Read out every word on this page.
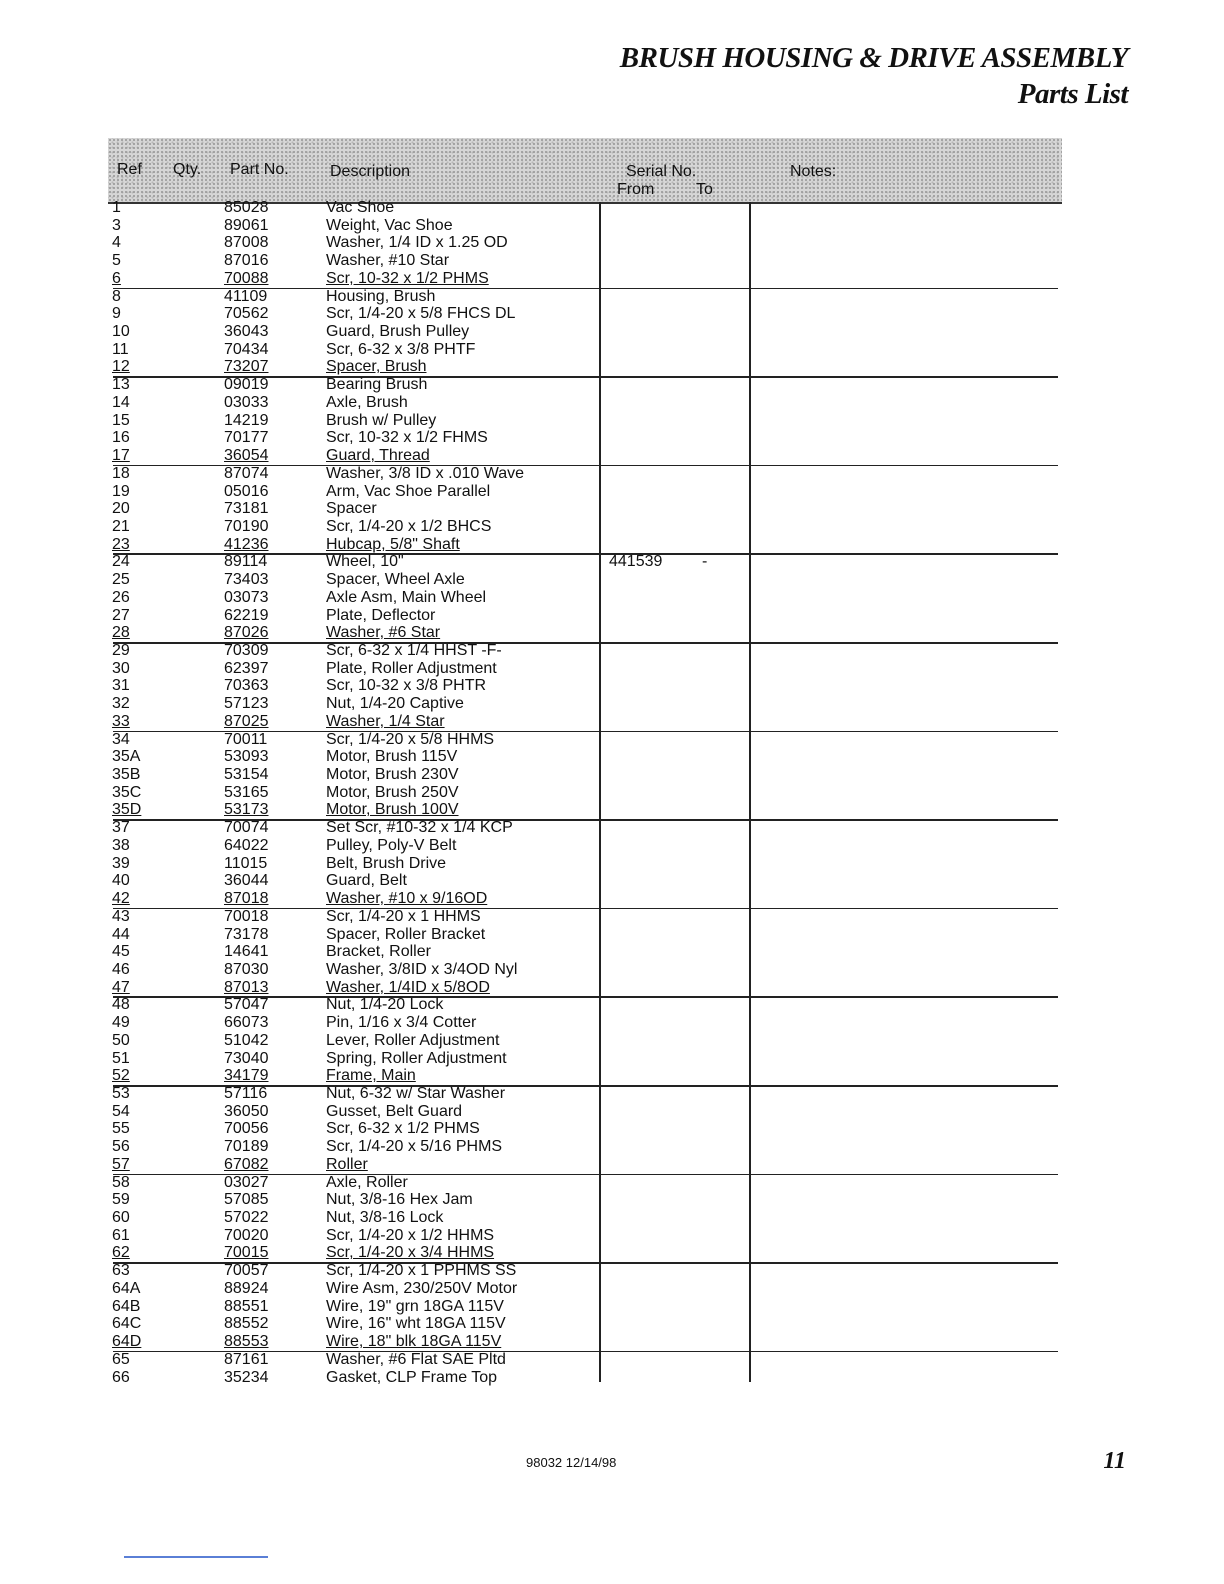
BRUSH HOUSING & DRIVE ASSEMBLY
Parts List
Ref Qty. Part No.	Description	Serial No.
From	To
Notes:
1	85028	Vac Shoe
3	89061	Weight, Vac Shoe
4	87008	Washer, 1/4 ID x 1.25 OD
5	87016	Washer, #10 Star
6	70088	Scr, 10-32 x 1/2 PHMS
8	41109	Housing, Brush
9	70562	Scr, 1/4-20 x 5/8 FHCS DL
10	36043	Guard, Brush Pulley
11	70434	Scr, 6-32 x 3/8 PHTF
12	73207	Spacer, Brush
13	09019	Bearing Brush
14	03033	Axle, Brush
15	14219	Brush w/ Pulley
16	70177	Scr, 10-32 x 1/2 FHMS
17	36054	Guard, Thread
18	87074	Washer, 3/8 ID x .010 Wave
19	05016	Arm, Vac Shoe Parallel
20	73181	Spacer
21	70190	Scr, 1/4-20 x 1/2 BHCS
23	41236	Hubcap, 5/8" Shaft
24	89114	Wheel, 10"	441539 -
25	73403	Spacer, Wheel Axle
26	03073	Axle Asm, Main Wheel
27	62219	Plate, Deflector
28	87026	Washer, #6 Star
29	70309	Scr, 6-32 x 1/4 HHST -F-
30	62397	Plate, Roller Adjustment
31	70363	Scr, 10-32 x 3/8 PHTR
32	57123	Nut, 1/4-20 Captive
33	87025	Washer, 1/4 Star
34	70011	Scr, 1/4-20 x 5/8 HHMS
35A	53093	Motor, Brush 115V
35B	53154	Motor, Brush 230V
35C	53165	Motor, Brush 250V
35D	53173	Motor, Brush 100V
37	70074	Set Scr, #10-32 x 1/4 KCP
38	64022	Pulley, Poly-V Belt
39	11015	Belt, Brush Drive
40	36044	Guard, Belt
42	87018	Washer, #10 x 9/16OD
43	70018	Scr, 1/4-20 x 1 HHMS
44	73178	Spacer, Roller Bracket
45	14641	Bracket, Roller
46	87030	Washer, 3/8ID x 3/4OD Nyl
47	87013	Washer, 1/4ID x 5/8OD
48	57047	Nut, 1/4-20 Lock
49	66073	Pin, 1/16 x 3/4 Cotter
50	51042	Lever, Roller Adjustment
51	73040	Spring, Roller Adjustment
52	34179	Frame, Main
53	57116	Nut, 6-32 w/ Star Washer
54	36050	Gusset, Belt Guard
55	70056	Scr, 6-32 x 1/2 PHMS
56	70189	Scr, 1/4-20 x 5/16 PHMS
57	67082	Roller
58	03027	Axle, Roller
59	57085	Nut, 3/8-16 Hex Jam
60	57022	Nut, 3/8-16 Lock
61	70020	Scr, 1/4-20 x 1/2 HHMS
62	70015	Scr, 1/4-20 x 3/4 HHMS
63	70057	Scr, 1/4-20 x 1 PPHMS SS
64A	88924	Wire Asm, 230/250V Motor
64B	88551	Wire, 19" grn 18GA 115V
64C	88552	Wire, 16" wht 18GA 115V
64D	88553	Wire, 18" blk 18GA 115V
65	87161	Washer, #6 Flat SAE Pltd
66	35234	Gasket, CLP Frame Top
98032 12/14/98	11
